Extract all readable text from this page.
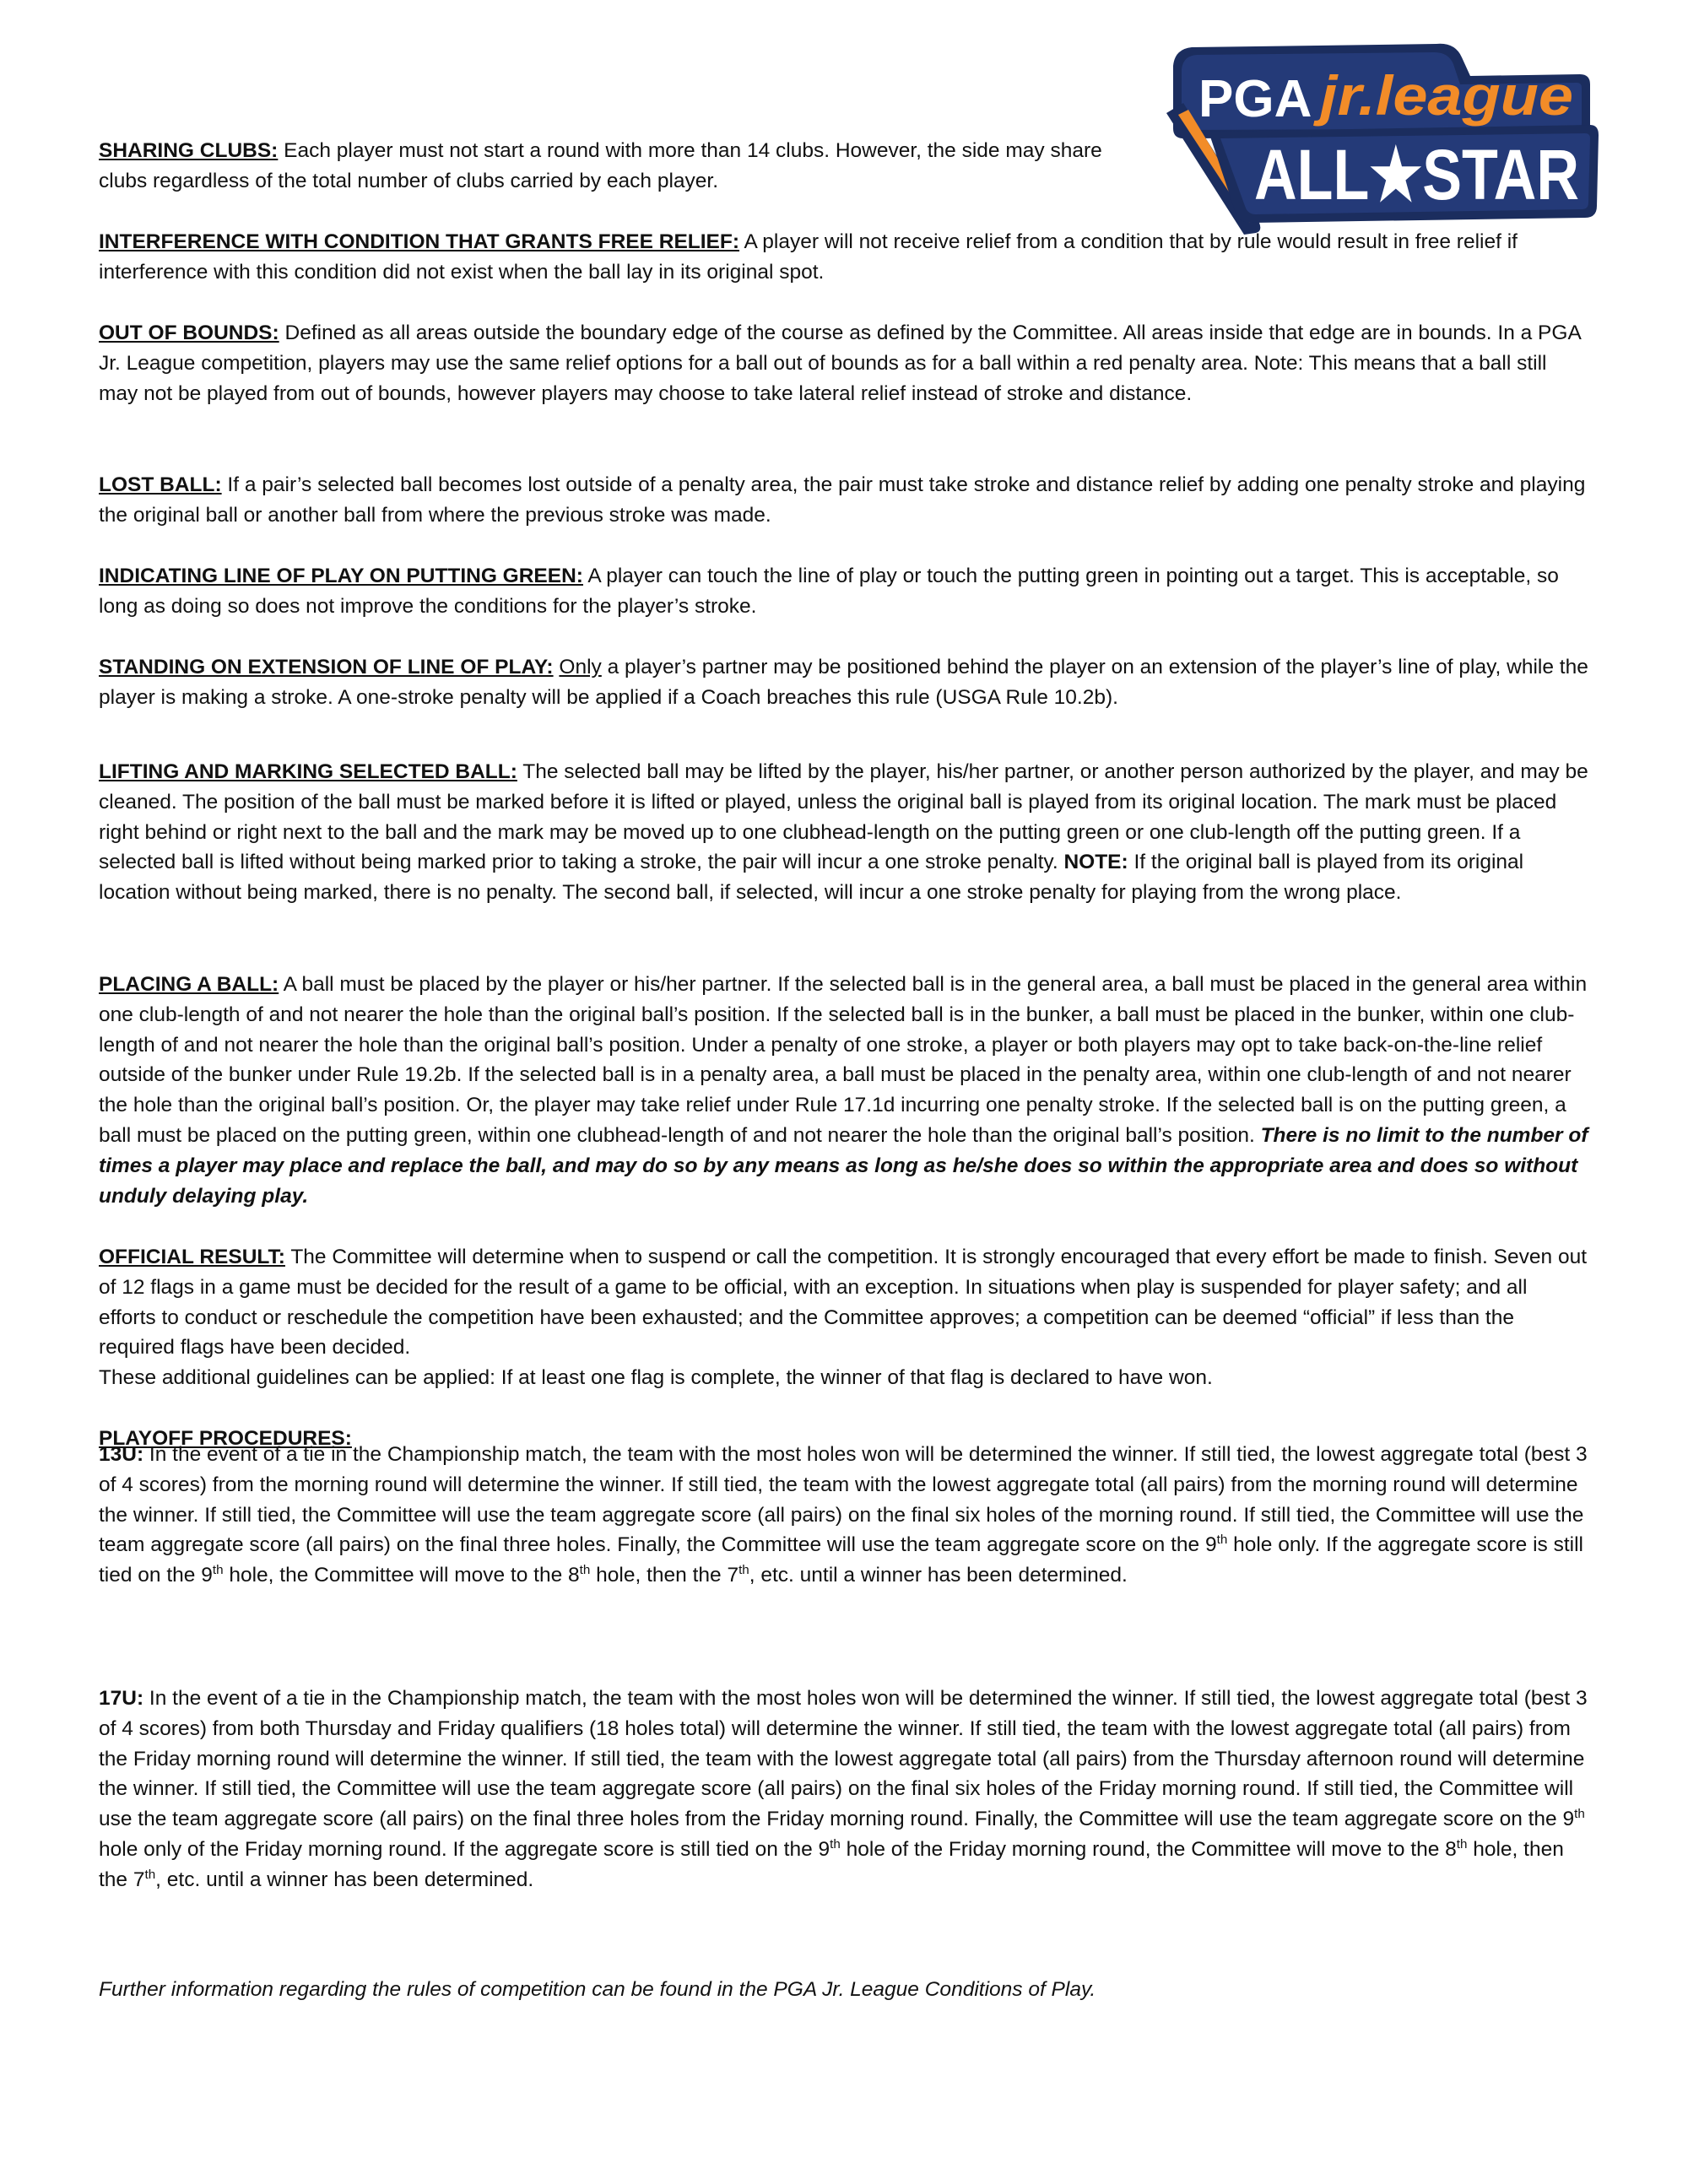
PGA jr.league
ALL★STAR

SHARING CLUBS: Each player must not start a round with more than 14 clubs. However, the side may share clubs regardless of the total number of clubs carried by each player.

INTERFERENCE WITH CONDITION THAT GRANTS FREE RELIEF: A player will not receive relief from a condition that by rule would result in free relief if interference with this condition did not exist when the ball lay in its original spot.

OUT OF BOUNDS: Defined as all areas outside the boundary edge of the course as defined by the Committee. All areas inside that edge are in bounds. In a PGA Jr. League competition, players may use the same relief options for a ball out of bounds as for a ball within a red penalty area. Note: This means that a ball still may not be played from out of bounds, however players may choose to take lateral relief instead of stroke and distance.

LOST BALL: If a pair’s selected ball becomes lost outside of a penalty area, the pair must take stroke and distance relief by adding one penalty stroke and playing the original ball or another ball from where the previous stroke was made.

INDICATING LINE OF PLAY ON PUTTING GREEN: A player can touch the line of play or touch the putting green in pointing out a target. This is acceptable, so long as doing so does not improve the conditions for the player’s stroke.

STANDING ON EXTENSION OF LINE OF PLAY: Only a player’s partner may be positioned behind the player on an extension of the player’s line of play, while the player is making a stroke. A one-stroke penalty will be applied if a Coach breaches this rule (USGA Rule 10.2b).

LIFTING AND MARKING SELECTED BALL: The selected ball may be lifted by the player, his/her partner, or another person authorized by the player, and may be cleaned. The position of the ball must be marked before it is lifted or played, unless the original ball is played from its original location. The mark must be placed right behind or right next to the ball and the mark may be moved up to one clubhead-length on the putting green or one club-length off the putting green. If a selected ball is lifted without being marked prior to taking a stroke, the pair will incur a one stroke penalty. NOTE: If the original ball is played from its original location without being marked, there is no penalty. The second ball, if selected, will incur a one stroke penalty for playing from the wrong place.

PLACING A BALL: A ball must be placed by the player or his/her partner. If the selected ball is in the general area, a ball must be placed in the general area within one club-length of and not nearer the hole than the original ball’s position. If the selected ball is in the bunker, a ball must be placed in the bunker, within one club-length of and not nearer the hole than the original ball’s position. Under a penalty of one stroke, a player or both players may opt to take back-on-the-line relief outside of the bunker under Rule 19.2b. If the selected ball is in a penalty area, a ball must be placed in the penalty area, within one club-length of and not nearer the hole than the original ball’s position. Or, the player may take relief under Rule 17.1d incurring one penalty stroke. If the selected ball is on the putting green, a ball must be placed on the putting green, within one clubhead-length of and not nearer the hole than the original ball’s position. There is no limit to the number of times a player may place and replace the ball, and may do so by any means as long as he/she does so within the appropriate area and does so without unduly delaying play.

OFFICIAL RESULT: The Committee will determine when to suspend or call the competition. It is strongly encouraged that every effort be made to finish. Seven out of 12 flags in a game must be decided for the result of a game to be official, with an exception. In situations when play is suspended for player safety; and all efforts to conduct or reschedule the competition have been exhausted; and the Committee approves; a competition can be deemed “official” if less than the required flags have been decided.
These additional guidelines can be applied: If at least one flag is complete, the winner of that flag is declared to have won.

PLAYOFF PROCEDURES:

13U: In the event of a tie in the Championship match, the team with the most holes won will be determined the winner. If still tied, the lowest aggregate total (best 3 of 4 scores) from the morning round will determine the winner. If still tied, the team with the lowest aggregate total (all pairs) from the morning round will determine the winner. If still tied, the Committee will use the team aggregate score (all pairs) on the final six holes of the morning round. If still tied, the Committee will use the team aggregate score (all pairs) on the final three holes. Finally, the Committee will use the team aggregate score on the 9th hole only. If the aggregate score is still tied on the 9th hole, the Committee will move to the 8th hole, then the 7th, etc. until a winner has been determined.

17U: In the event of a tie in the Championship match, the team with the most holes won will be determined the winner. If still tied, the lowest aggregate total (best 3 of 4 scores) from both Thursday and Friday qualifiers (18 holes total) will determine the winner. If still tied, the team with the lowest aggregate total (all pairs) from the Friday morning round will determine the winner. If still tied, the team with the lowest aggregate total (all pairs) from the Thursday afternoon round will determine the winner. If still tied, the Committee will use the team aggregate score (all pairs) on the final six holes of the Friday morning round. If still tied, the Committee will use the team aggregate score (all pairs) on the final three holes from the Friday morning round. Finally, the Committee will use the team aggregate score on the 9th hole only of the Friday morning round. If the aggregate score is still tied on the 9th hole of the Friday morning round, the Committee will move to the 8th hole, then the 7th, etc. until a winner has been determined.

Further information regarding the rules of competition can be found in the PGA Jr. League Conditions of Play.
